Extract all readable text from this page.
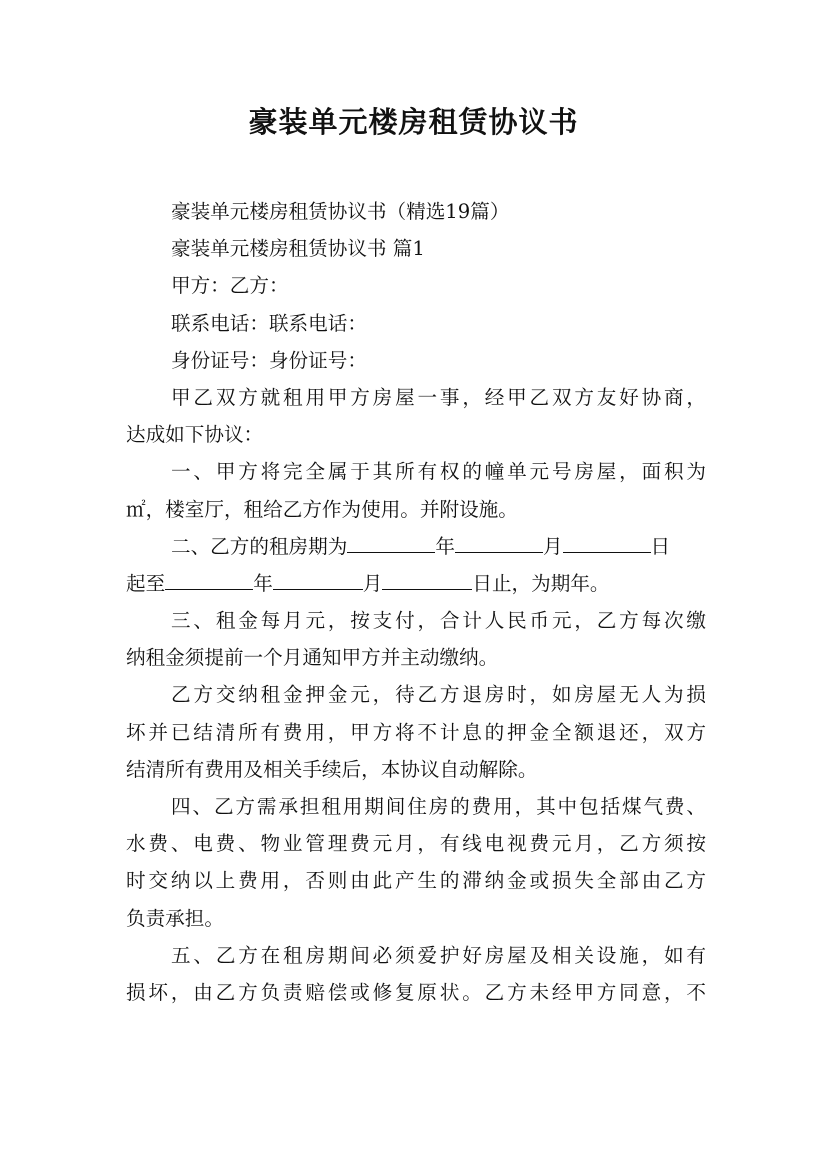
豪装单元楼房租赁协议书
豪装单元楼房租赁协议书（精选19篇）
豪装单元楼房租赁协议书 篇1
甲方：乙方：
联系电话：联系电话：
身份证号：身份证号：
甲乙双方就租用甲方房屋一事，经甲乙双方友好协商，
达成如下协议：
一、甲方将完全属于其所有权的幢单元号房屋，面积为
㎡，楼室厅，租给乙方作为使用。并附设施。
二、乙方的租房期为	年	月	日
起至	年	月	日止，为期年。
三、租金每月元，按支付，合计人民币元，乙方每次缴
纳租金须提前一个月通知甲方并主动缴纳。
乙方交纳租金押金元，待乙方退房时，如房屋无人为损
坏并已结清所有费用，甲方将不计息的押金全额退还，双方
结清所有费用及相关手续后，本协议自动解除。
四、乙方需承担租用期间住房的费用，其中包括煤气费、
水费、电费、物业管理费元月，有线电视费元月，乙方须按
时交纳以上费用，否则由此产生的滞纳金或损失全部由乙方
负责承担。
五、乙方在租房期间必须爱护好房屋及相关设施，如有
损坏，由乙方负责赔偿或修复原状。乙方未经甲方同意，不
